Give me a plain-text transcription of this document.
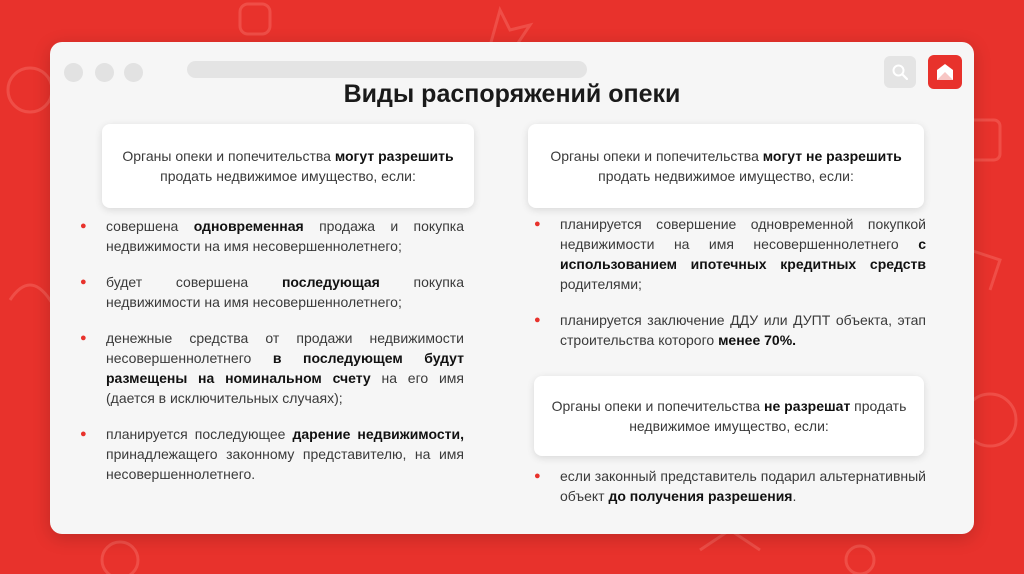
Виды распоряжений опеки
Органы опеки и попечительства могут разрешить продать недвижимое имущество, если:
● совершена одновременная продажа и покупка недвижимости на имя несовершеннолетнего;
● будет совершена последующая покупка недвижимости на имя несовершеннолетнего;
● денежные средства от продажи недвижимости несовершеннолетнего в последующем будут размещены на номинальном счету на его имя (дается в исключительных случаях);
● планируется последующее дарение недвижимости, принадлежащего законному представителю, на имя несовершеннолетнего.
Органы опеки и попечительства могут не разрешить продать недвижимое имущество, если:
● планируется совершение одновременной покупкой недвижимости на имя несовершеннолетнего с использованием ипотечных кредитных средств родителями;
● планируется заключение ДДУ или ДУПТ объекта, этап строительства которого менее 70%.
Органы опеки и попечительства не разрешат продать недвижимое имущество, если:
● если законный представитель подарил альтернативный объект до получения разрешения.
